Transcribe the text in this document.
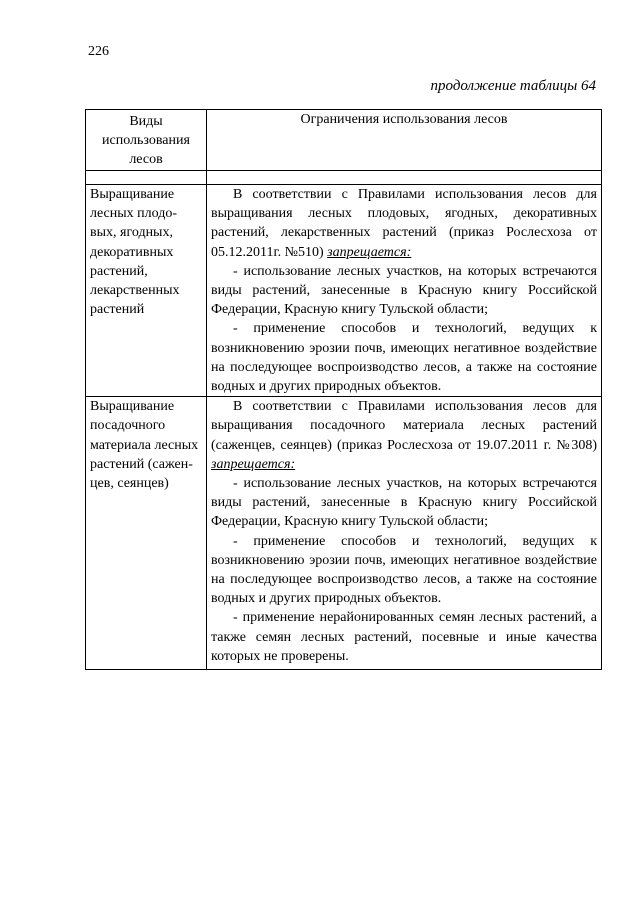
226
продолжение таблицы 64
Виды использования лесов	Ограничения использования лесов

Выращивание лесных плодо-вых, ягодных, декоративных растений, лекарственных растений	В соответствии с Правилами использования лесов для выращивания лесных плодовых, ягодных, декоративных растений, лекарственных растений (приказ Рослесхоза от 05.12.2011г. №510) запрещается:

- использование лесных участков, на которых встречаются виды растений, занесенные в Красную книгу Российской Федерации, Красную книгу Тульской области;

- применение способов и технологий, ведущих к возникновению эрозии почв, имеющих негативное воздействие на последующее воспроизводство лесов, а также на состояние водных и других природных объектов.

Выращивание посадочного материала лесных растений (сажен-цев, сеянцев)	В соответствии с Правилами использования лесов для выращивания посадочного материала лесных растений (саженцев, сеянцев) (приказ Рослесхоза от 19.07.2011 г. №308) запрещается:

- использование лесных участков, на которых встречаются виды растений, занесенные в Красную книгу Российской Федерации, Красную книгу Тульской области;

- применение способов и технологий, ведущих к возникновению эрозии почв, имеющих негативное воздействие на последующее воспроизводство лесов, а также на состояние водных и других природных объектов.

- применение нерайонированных семян лесных растений, а также семян лесных растений, посевные и иные качества которых не проверены.
